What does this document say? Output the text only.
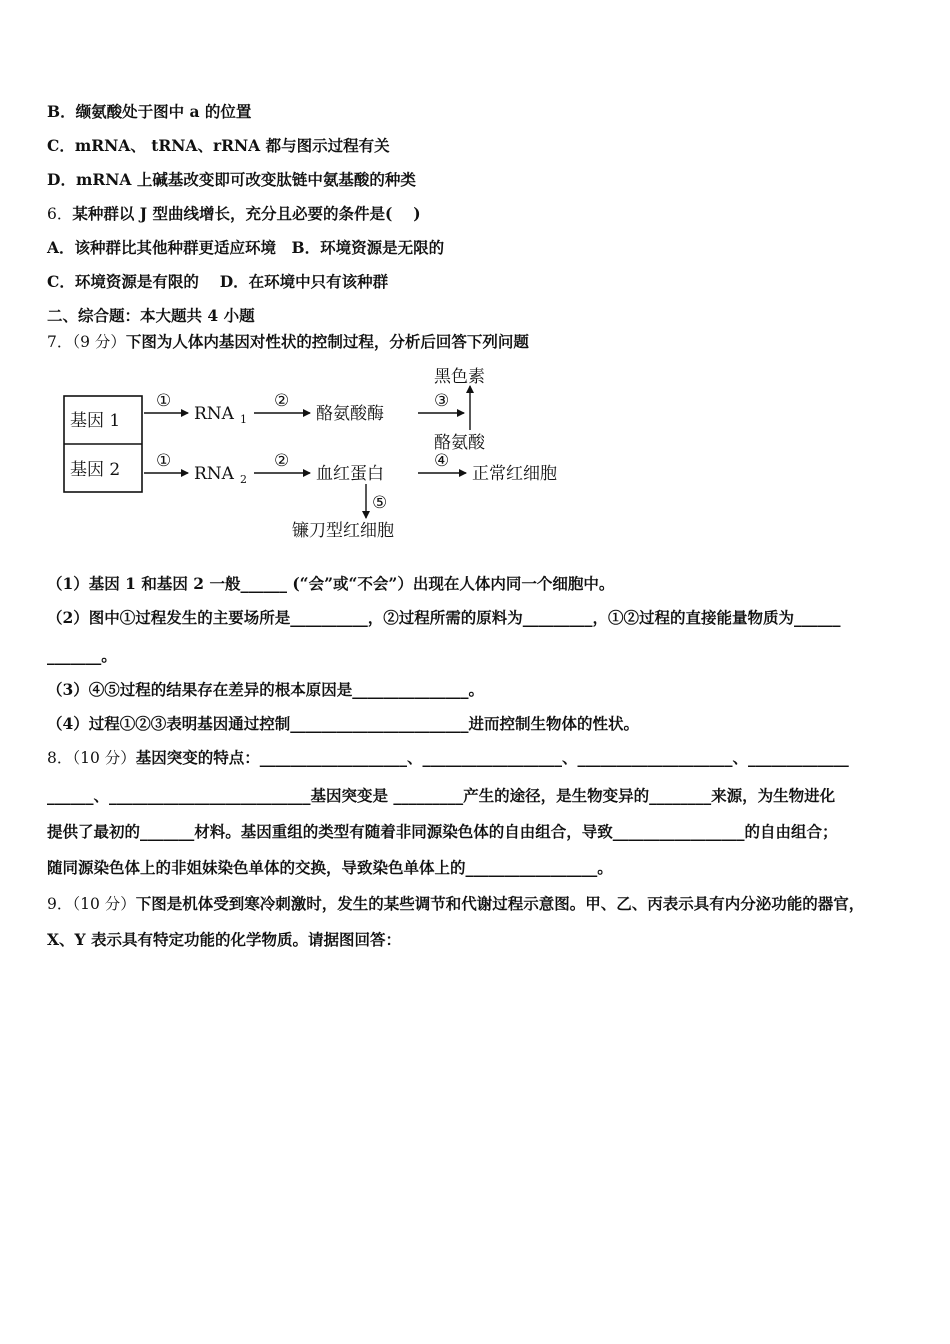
B．缬氨酸处于图中 a 的位置
C．mRNA、 tRNA、rRNA 都与图示过程有关
D．mRNA 上碱基改变即可改变肽链中氨基酸的种类
6．某种群以 J 型曲线增长，充分且必要的条件是(　 )
A．该种群比其他种群更适应环境　B．环境资源是无限的
C．环境资源是有限的　 D．在环境中只有该种群
二、综合题：本大题共 4 小题
7．（9 分）下图为人体内基因对性状的控制过程，分析后回答下列问题
基因 1
基因 2
①
RNA 1
②
酪氨酸酶
③
黑色素
酪氨酸
①
RNA 2
②
血红蛋白
④
正常红细胞
⑤
镰刀型红细胞
（1）基因 1 和基因 2 一般______ (“会”或“不会”）出现在人体内同一个细胞中。
（2）图中①过程发生的主要场所是__________，②过程所需的原料为_________，①②过程的直接能量物质为______
_______。
（3）④⑤过程的结果存在差异的根本原因是_______________。
（4）过程①②③表明基因通过控制_______________________进而控制生物体的性状。
8．（10 分）基因突变的特点：___________________、__________________、____________________、_____________
______、__________________________基因突变是 _________产生的途径，是生物变异的________来源，为生物进化
提供了最初的_______材料。基因重组的类型有随着非同源染色体的自由组合，导致_________________的自由组合；
随同源染色体上的非姐妹染色单体的交换，导致染色单体上的_________________。
9．（10 分）下图是机体受到寒冷刺激时，发生的某些调节和代谢过程示意图。甲、乙、丙表示具有内分泌功能的器官，
X、Y 表示具有特定功能的化学物质。请据图回答：
